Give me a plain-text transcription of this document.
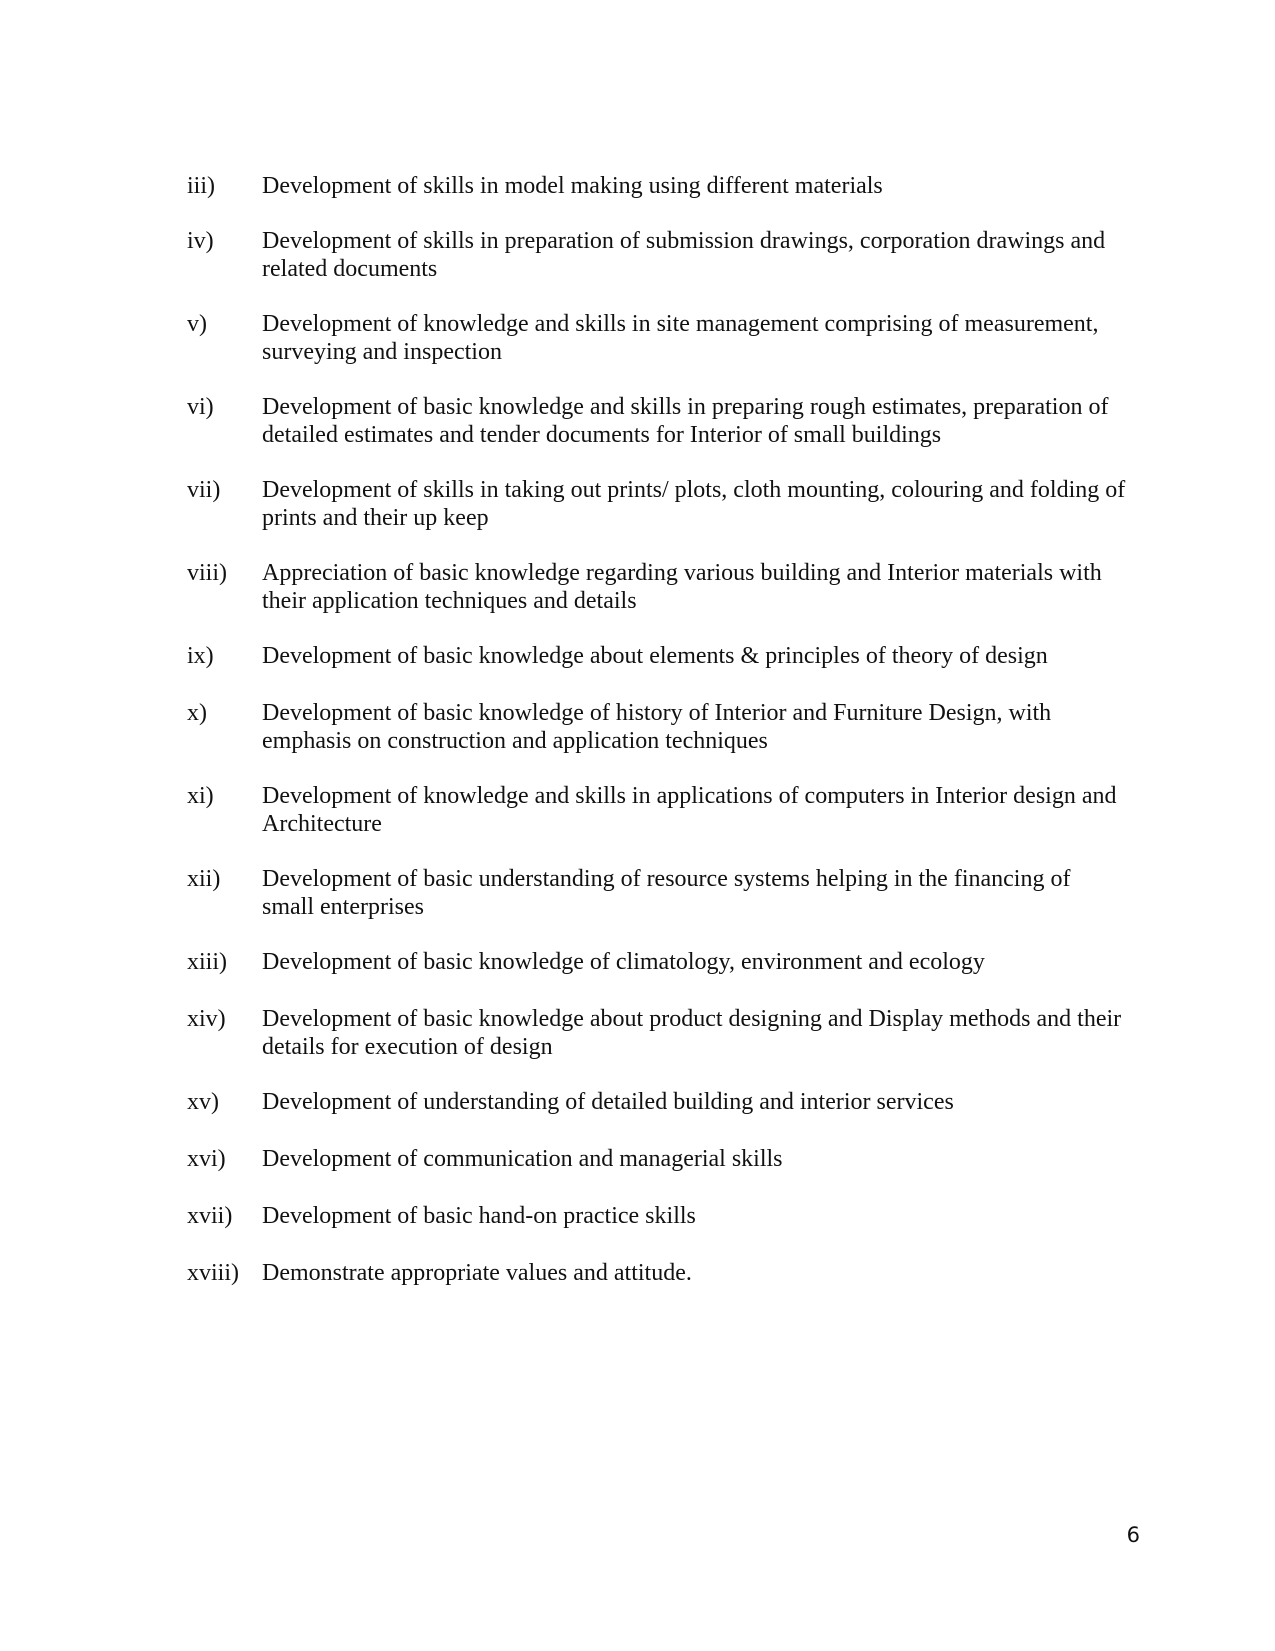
iii)	Development of skills in model making using different materials
iv)	Development of skills in preparation of submission drawings, corporation drawings and related documents
v)	Development of knowledge and skills in site management comprising of measurement, surveying and inspection
vi)	Development of basic knowledge and skills in preparing rough estimates, preparation of detailed estimates and tender documents for Interior of small buildings
vii)	Development of skills in taking out prints/ plots, cloth mounting, colouring and folding of prints and their up keep
viii)	Appreciation of basic knowledge regarding various building and Interior materials with their application techniques and details
ix)	Development of basic knowledge about elements & principles of theory of design
x)	Development of basic knowledge of history of Interior and Furniture Design, with emphasis on construction and application techniques
xi)	Development of knowledge and skills in applications of computers in Interior design and Architecture
xii)	Development of basic understanding of resource systems helping in the financing of small enterprises
xiii)	Development of basic knowledge of climatology, environment and ecology
xiv)	Development of basic knowledge about product designing and Display methods and their details for execution of design
xv)	Development of understanding of detailed building and interior services
xvi)	Development of communication and managerial skills
xvii)	Development of basic hand-on practice skills
xviii) Demonstrate appropriate values and attitude.
6
